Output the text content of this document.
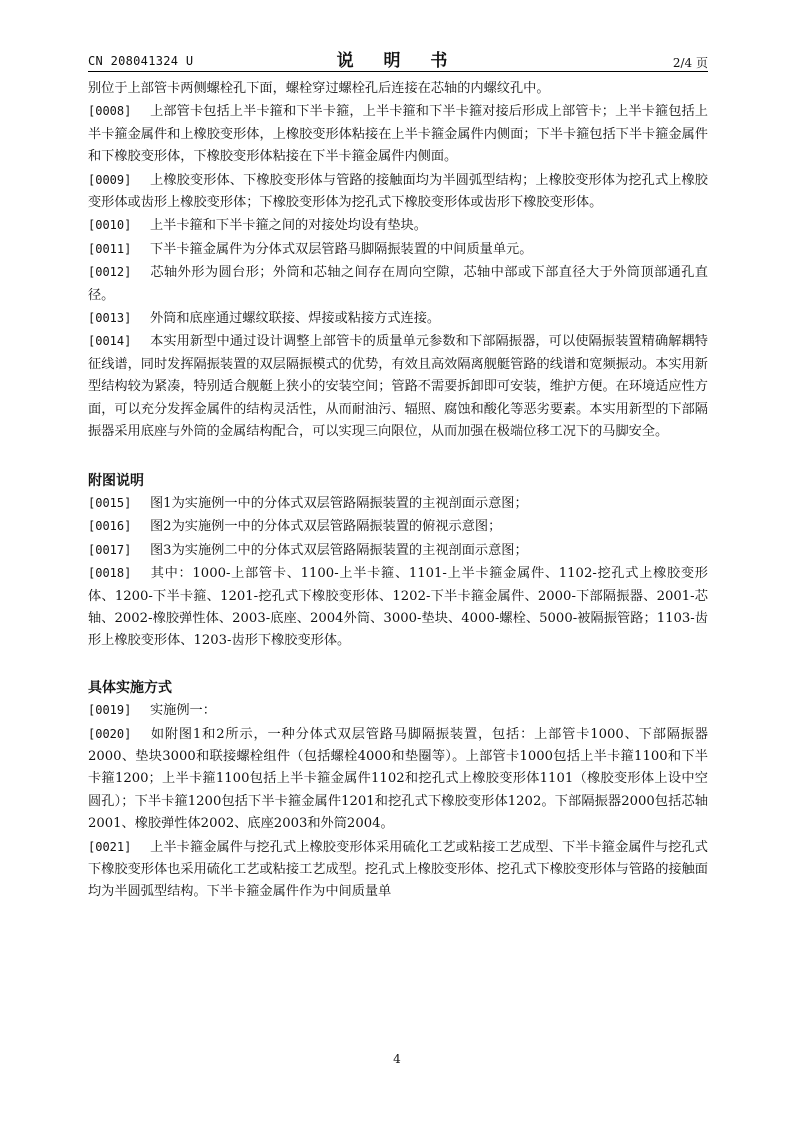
CN 208041324 U	说 明 书	2/4 页

别位于上部管卡两侧螺栓孔下面，螺栓穿过螺栓孔后连接在芯轴的内螺纹孔中。

[0008] 上部管卡包括上半卡箍和下半卡箍，上半卡箍和下半卡箍对接后形成上部管卡；上半卡箍包括上半卡箍金属件和上橡胶变形体，上橡胶变形体粘接在上半卡箍金属件内侧面；下半卡箍包括下半卡箍金属件和下橡胶变形体，下橡胶变形体粘接在下半卡箍金属件内侧面。

[0009] 上橡胶变形体、下橡胶变形体与管路的接触面均为半圆弧型结构；上橡胶变形体为挖孔式上橡胶变形体或齿形上橡胶变形体；下橡胶变形体为挖孔式下橡胶变形体或齿形下橡胶变形体。

[0010] 上半卡箍和下半卡箍之间的对接处均设有垫块。

[0011] 下半卡箍金属件为分体式双层管路马脚隔振装置的中间质量单元。

[0012] 芯轴外形为圆台形；外筒和芯轴之间存在周向空隙，芯轴中部或下部直径大于外筒顶部通孔直径。

[0013] 外筒和底座通过螺纹联接、焊接或粘接方式连接。

[0014] 本实用新型中通过设计调整上部管卡的质量单元参数和下部隔振器，可以使隔振装置精确解耦特征线谱，同时发挥隔振装置的双层隔振模式的优势，有效且高效隔离舰艇管路的线谱和宽频振动。本实用新型结构较为紧凑，特别适合舰艇上狭小的安装空间；管路不需要拆卸即可安装，维护方便。在环境适应性方面，可以充分发挥金属件的结构灵活性，从而耐油污、辐照、腐蚀和酸化等恶劣要素。本实用新型的下部隔振器采用底座与外筒的金属结构配合，可以实现三向限位，从而加强在极端位移工况下的马脚安全。

附图说明

[0015] 图1为实施例一中的分体式双层管路隔振装置的主视剖面示意图；

[0016] 图2为实施例一中的分体式双层管路隔振装置的俯视示意图；

[0017] 图3为实施例二中的分体式双层管路隔振装置的主视剖面示意图；

[0018] 其中：1000-上部管卡、1100-上半卡箍、1101-上半卡箍金属件、1102-挖孔式上橡胶变形体、1200-下半卡箍、1201-挖孔式下橡胶变形体、1202-下半卡箍金属件、2000-下部隔振器、2001-芯轴、2002-橡胶弹性体、2003-底座、2004外筒、3000-垫块、4000-螺栓、5000-被隔振管路；1103-齿形上橡胶变形体、1203-齿形下橡胶变形体。

具体实施方式

[0019] 实施例一：

[0020] 如附图1和2所示，一种分体式双层管路马脚隔振装置，包括：上部管卡1000、下部隔振器2000、垫块3000和联接螺栓组件（包括螺栓4000和垫圈等）。上部管卡1000包括上半卡箍1100和下半卡箍1200；上半卡箍1100包括上半卡箍金属件1102和挖孔式上橡胶变形体1101（橡胶变形体上设中空圆孔）；下半卡箍1200包括下半卡箍金属件1201和挖孔式下橡胶变形体1202。下部隔振器2000包括芯轴2001、橡胶弹性体2002、底座2003和外筒2004。

[0021] 上半卡箍金属件与挖孔式上橡胶变形体采用硫化工艺或粘接工艺成型、下半卡箍金属件与挖孔式下橡胶变形体也采用硫化工艺或粘接工艺成型。挖孔式上橡胶变形体、挖孔式下橡胶变形体与管路的接触面均为半圆弧型结构。下半卡箍金属件作为中间质量单

4
